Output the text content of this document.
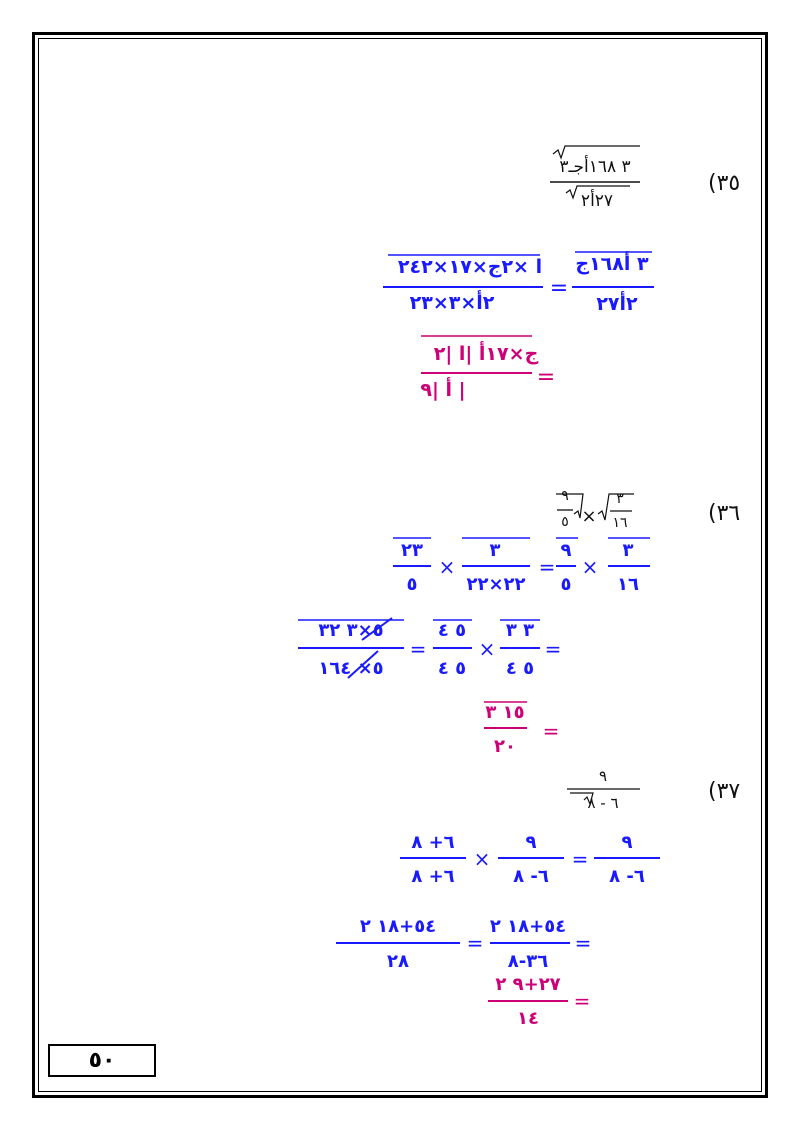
(٣٥
٣ ١٦٨أجـ٣
٢٧أ٢
ا ×٢ج×١٧×٢٤٢
٢أ×٣×٢٣
=
٣ أ١٦٨ج
٢أ٢٧
ج×١٧أ |ا |٢
| أ |٩	=
(٣٦
٣
١٦
×
٩
٥
٢٣
٥
×
٣
٢٢×٢٢
=
٩
٥
×
٣
١٦
٥×٣ ٣٢
٥× ١٦٤
=
٥ ٤
٥ ٤
×
٣ ٣
٥ ٤
=
١٥ ٣
٢٠
=
(٣٧
٩
٦ - ٨
٦+ ٨
٦+ ٨
×
٩
٦- ٨
=
٩
٦- ٨
٥٤+١٨ ٢
٢٨
=
٥٤+١٨ ٢
٣٦-٨
=
٢٧+٩ ٢
١٤
=
٥٠
